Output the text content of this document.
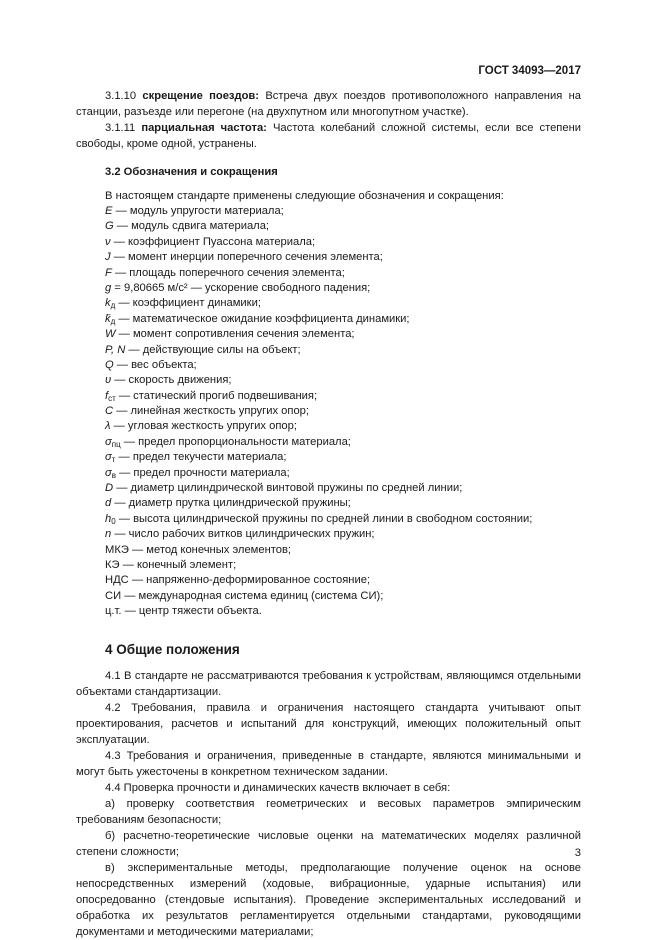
ГОСТ 34093—2017

3.1.10 скрещение поездов: Встреча двух поездов противоположного направления на станции, разъезде или перегоне (на двухпутном или многопутном участке).

3.1.11 парциальная частота: Частота колебаний сложной системы, если все степени свободы, кроме одной, устранены.

3.2 Обозначения и сокращения

В настоящем стандарте применены следующие обозначения и сокращения:

E — модуль упругости материала;
G — модуль сдвига материала;
ν — коэффициент Пуассона материала;
J — момент инерции поперечного сечения элемента;
F — площадь поперечного сечения элемента;
g = 9,80665 м/с² — ускорение свободного падения;
$k_д$ — коэффициент динамики;
$k̄_д$ — математическое ожидание коэффициента динамики;
W — момент сопротивления сечения элемента;
P, N — действующие силы на объект;
Q — вес объекта;
υ — скорость движения;
$f_{ст}$ — статический прогиб подвешивания;
C — линейная жесткость упругих опор;
λ — угловая жесткость упругих опор;
$\sigma_{пц}$ — предел пропорциональности материала;
$\sigma_т$ — предел текучести материала;
$\sigma_в$ — предел прочности материала;
D — диаметр цилиндрической винтовой пружины по средней линии;
d — диаметр прутка цилиндрической пружины;
$h_0$ — высота цилиндрической пружины по средней линии в свободном состоянии;
n — число рабочих витков цилиндрических пружин;
МКЭ — метод конечных элементов;
КЭ — конечный элемент;
НДС — напряженно-деформированное состояние;
СИ — международная система единиц (система СИ);
ц.т. — центр тяжести объекта.

4 Общие положения

4.1 В стандарте не рассматриваются требования к устройствам, являющимся отдельными объектами стандартизации.

4.2 Требования, правила и ограничения настоящего стандарта учитывают опыт проектирования, расчетов и испытаний для конструкций, имеющих положительный опыт эксплуатации.

4.3 Требования и ограничения, приведенные в стандарте, являются минимальными и могут быть ужесточены в конкретном техническом задании.

4.4 Проверка прочности и динамических качеств включает в себя:

а) проверку соответствия геометрических и весовых параметров эмпирическим требованиям безопасности;

б) расчетно-теоретические числовые оценки на математических моделях различной степени сложности;

в) экспериментальные методы, предполагающие получение оценок на основе непосредственных измерений (ходовые, вибрационные, ударные испытания) или опосредованно (стендовые испытания). Проведение экспериментальных исследований и обработка их результатов регламентируется отдельными стандартами, руководящими документами и методическими материалами;

3
